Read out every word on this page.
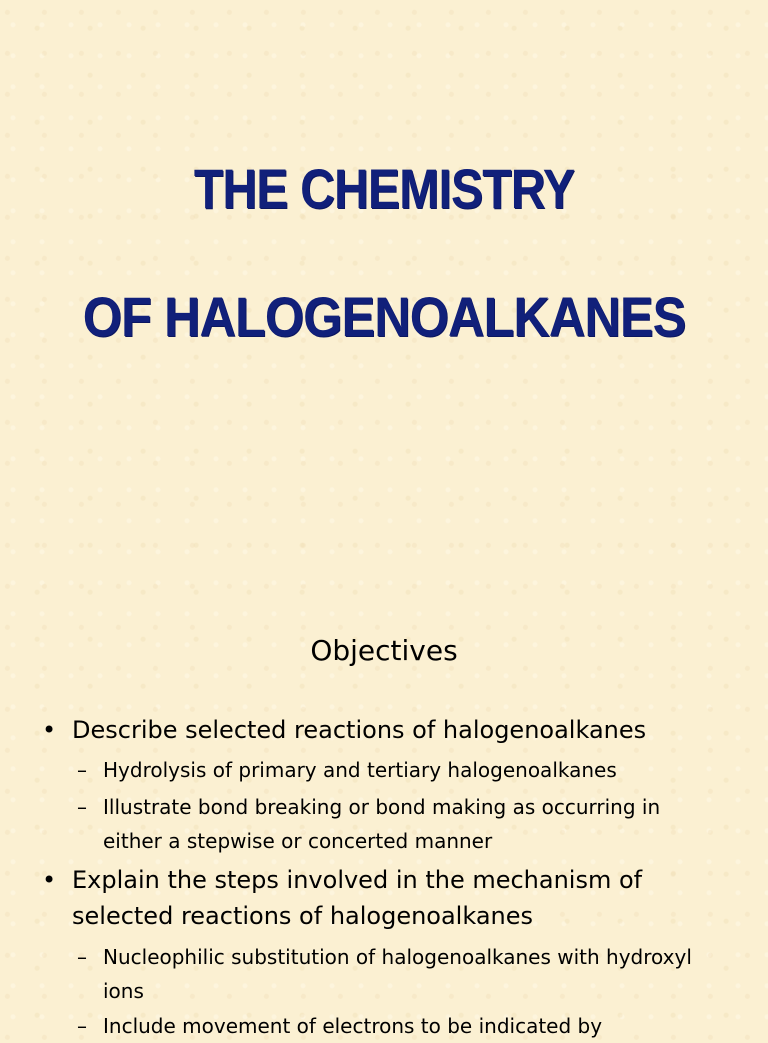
THE CHEMISTRY
OF HALOGENOALKANES
Objectives
• Describe selected reactions of halogenoalkanes
– Hydrolysis of primary and tertiary halogenoalkanes
– Illustrate bond breaking or bond making as occurring in either a stepwise or concerted manner
• Explain the steps involved in the mechanism of selected reactions of halogenoalkanes
– Nucleophilic substitution of halogenoalkanes with hydroxyl ions
– Include movement of electrons to be indicated by
